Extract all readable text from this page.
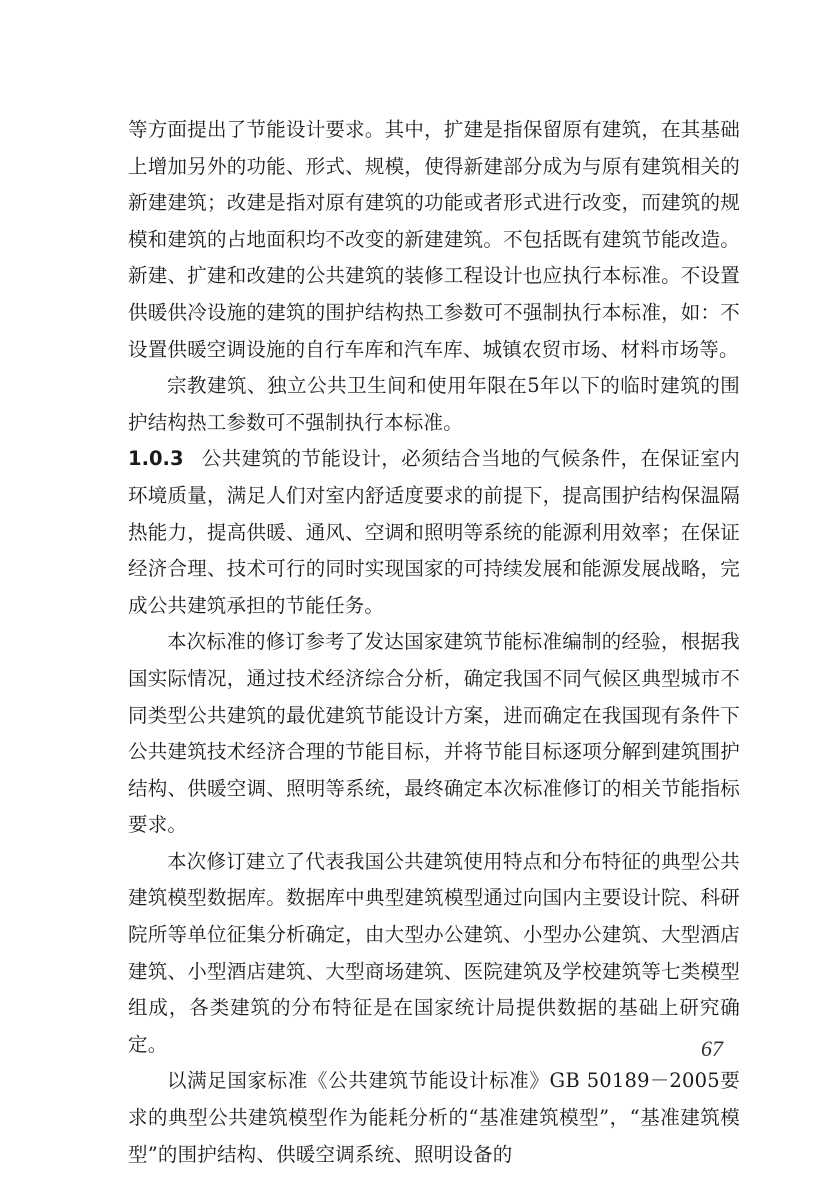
等方面提出了节能设计要求。其中，扩建是指保留原有建筑，在其基础上增加另外的功能、形式、规模，使得新建部分成为与原有建筑相关的新建建筑；改建是指对原有建筑的功能或者形式进行改变，而建筑的规模和建筑的占地面积均不改变的新建建筑。不包括既有建筑节能改造。新建、扩建和改建的公共建筑的装修工程设计也应执行本标准。不设置供暖供冷设施的建筑的围护结构热工参数可不强制执行本标准，如：不设置供暖空调设施的自行车库和汽车库、城镇农贸市场、材料市场等。

宗教建筑、独立公共卫生间和使用年限在5年以下的临时建筑的围护结构热工参数可不强制执行本标准。

1.0.3 公共建筑的节能设计，必须结合当地的气候条件，在保证室内环境质量，满足人们对室内舒适度要求的前提下，提高围护结构保温隔热能力，提高供暖、通风、空调和照明等系统的能源利用效率；在保证经济合理、技术可行的同时实现国家的可持续发展和能源发展战略，完成公共建筑承担的节能任务。

本次标准的修订参考了发达国家建筑节能标准编制的经验，根据我国实际情况，通过技术经济综合分析，确定我国不同气候区典型城市不同类型公共建筑的最优建筑节能设计方案，进而确定在我国现有条件下公共建筑技术经济合理的节能目标，并将节能目标逐项分解到建筑围护结构、供暖空调、照明等系统，最终确定本次标准修订的相关节能指标要求。

本次修订建立了代表我国公共建筑使用特点和分布特征的典型公共建筑模型数据库。数据库中典型建筑模型通过向国内主要设计院、科研院所等单位征集分析确定，由大型办公建筑、小型办公建筑、大型酒店建筑、小型酒店建筑、大型商场建筑、医院建筑及学校建筑等七类模型组成，各类建筑的分布特征是在国家统计局提供数据的基础上研究确定。

以满足国家标准《公共建筑节能设计标准》GB 50189－2005要求的典型公共建筑模型作为能耗分析的“基准建筑模型”，“基准建筑模型”的围护结构、供暖空调系统、照明设备的

67
